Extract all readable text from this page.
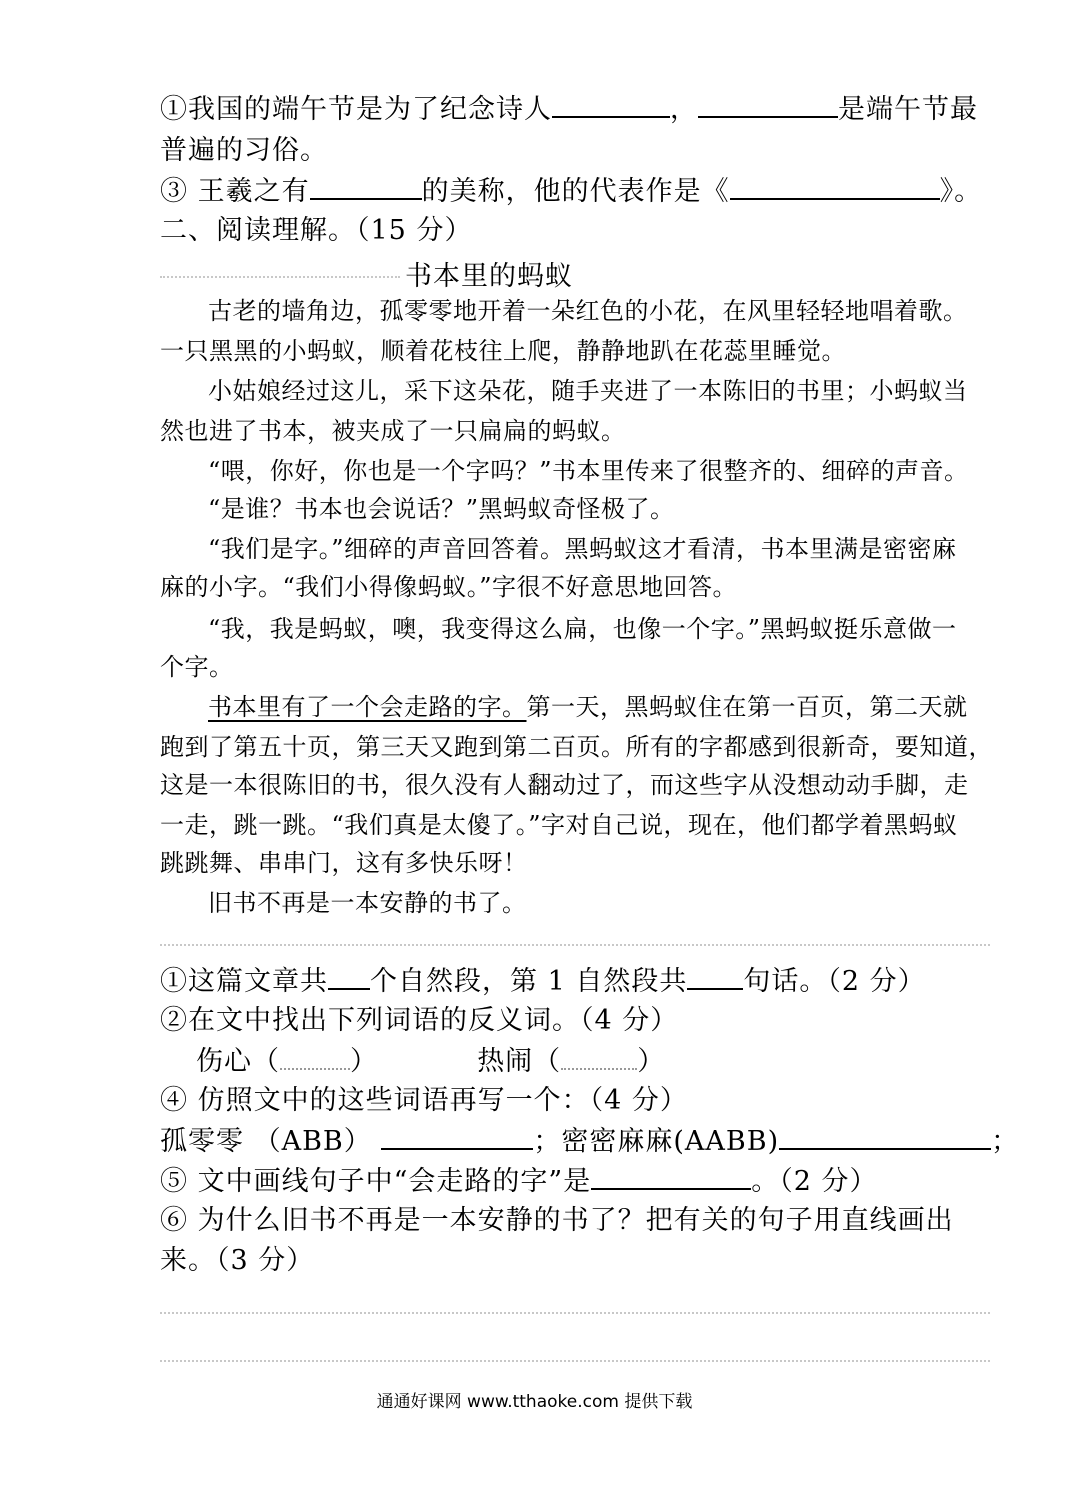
①我国的端午节是为了纪念诗人	，	是端午节最
普遍的习俗。
③ 王羲之有	的美称，他的代表作是《	》。
二、阅读理解。（15 分）
书本里的蚂蚁
古老的墙角边，孤零零地开着一朵红色的小花，在风里轻轻地唱着歌。
一只黑黑的小蚂蚁，顺着花枝往上爬，静静地趴在花蕊里睡觉。
小姑娘经过这儿，采下这朵花，随手夹进了一本陈旧的书里；小蚂蚁当
然也进了书本，被夹成了一只扁扁的蚂蚁。
“喂，你好，你也是一个字吗？”书本里传来了很整齐的、细碎的声音。
“是谁？书本也会说话？”黑蚂蚁奇怪极了。
“我们是字。”细碎的声音回答着。黑蚂蚁这才看清，书本里满是密密麻
麻的小字。“我们小得像蚂蚁。”字很不好意思地回答。
“我，我是蚂蚁，噢，我变得这么扁，也像一个字。”黑蚂蚁挺乐意做一
个字。
书本里有了一个会走路的字。第一天，黑蚂蚁住在第一百页，第二天就
跑到了第五十页，第三天又跑到第二百页。所有的字都感到很新奇，要知道，
这是一本很陈旧的书，很久没有人翻动过了，而这些字从没想动动手脚，走
一走，跳一跳。“我们真是太傻了。”字对自己说，现在，他们都学着黑蚂蚁
跳跳舞、串串门，这有多快乐呀！
旧书不再是一本安静的书了。
①这篇文章共 个自然段，第 1 自然段共 句话。（2 分）
②在文中找出下列词语的反义词。（4 分）
伤心（	）	热闹（	）
④ 仿照文中的这些词语再写一个：（4 分）
孤零零 （ABB）	；密密麻麻(AABB)	；
⑤ 文中画线句子中“会走路的字”是	。（2 分）
⑥ 为什么旧书不再是一本安静的书了？把有关的句子用直线画出
来。（3 分）
通通好课网 www.tthaoke.com 提供下载
